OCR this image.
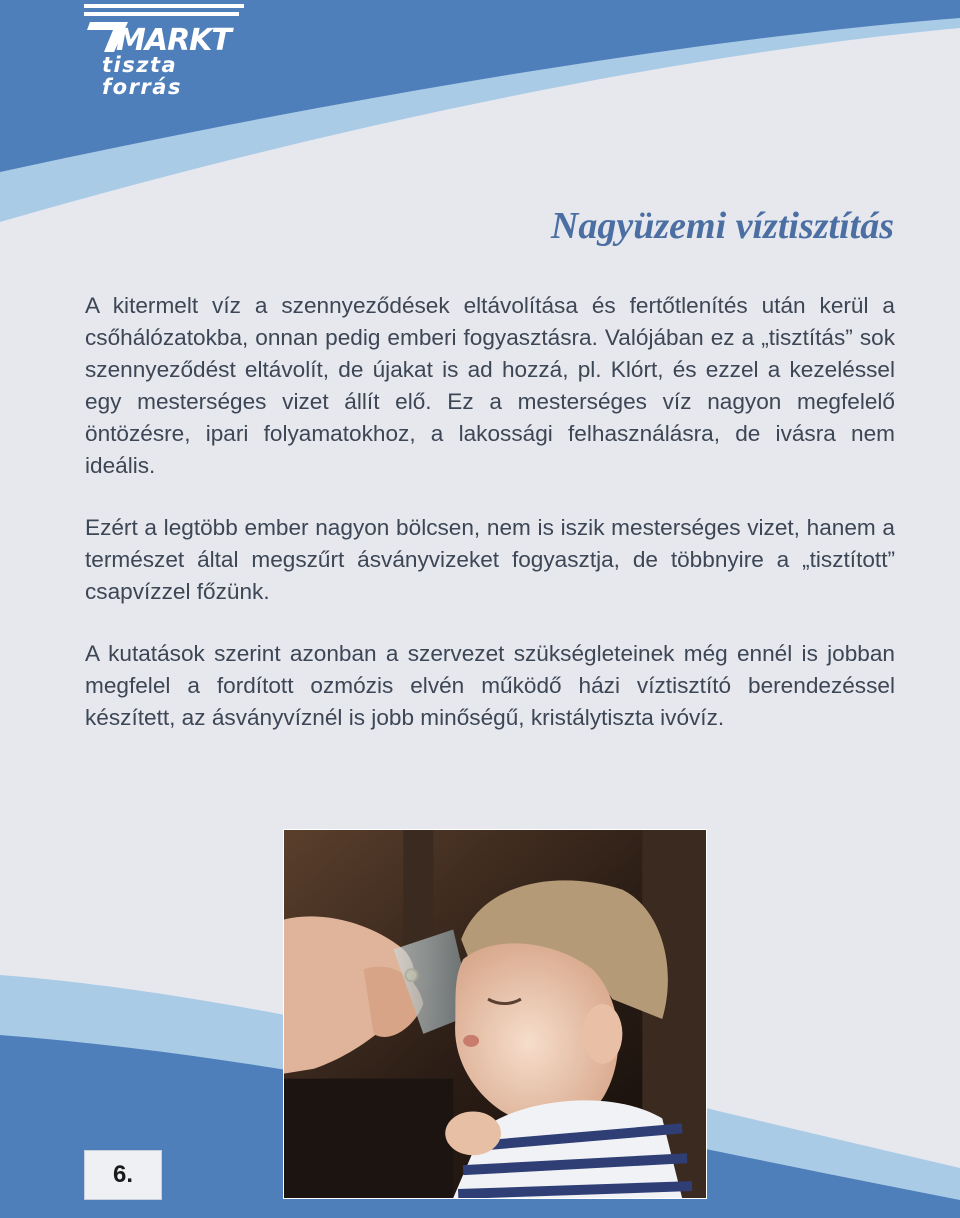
MARKT
tiszta
forrás
Nagyüzemi víztisztítás

A kitermelt víz a szennyeződések eltávolítása és fertőtlenítés után kerül a csőhálózatokba, onnan pedig emberi fogyasztásra. Valójában ez a „tisztítás” sok szennyeződést eltávolít, de újakat is ad hozzá, pl. Klórt, és ezzel a kezeléssel egy mesterséges vizet állít elő. Ez a mesterséges víz nagyon megfelelő öntözésre, ipari folyamatokhoz, a lakossági felhasználásra, de ivásra nem ideális.

Ezért a legtöbb ember nagyon bölcsen, nem is iszik mesterséges vizet, hanem a természet által megszűrt ásványvizeket fogyasztja, de többnyire a „tisztított” csapvízzel főzünk.

A kutatások szerint azonban a szervezet szükségleteinek még ennél is jobban megfelel a fordított ozmózis elvén működő házi víztisztító berendezéssel készített, az ásványvíznél is jobb minőségű, kristálytiszta ivóvíz.

6.
